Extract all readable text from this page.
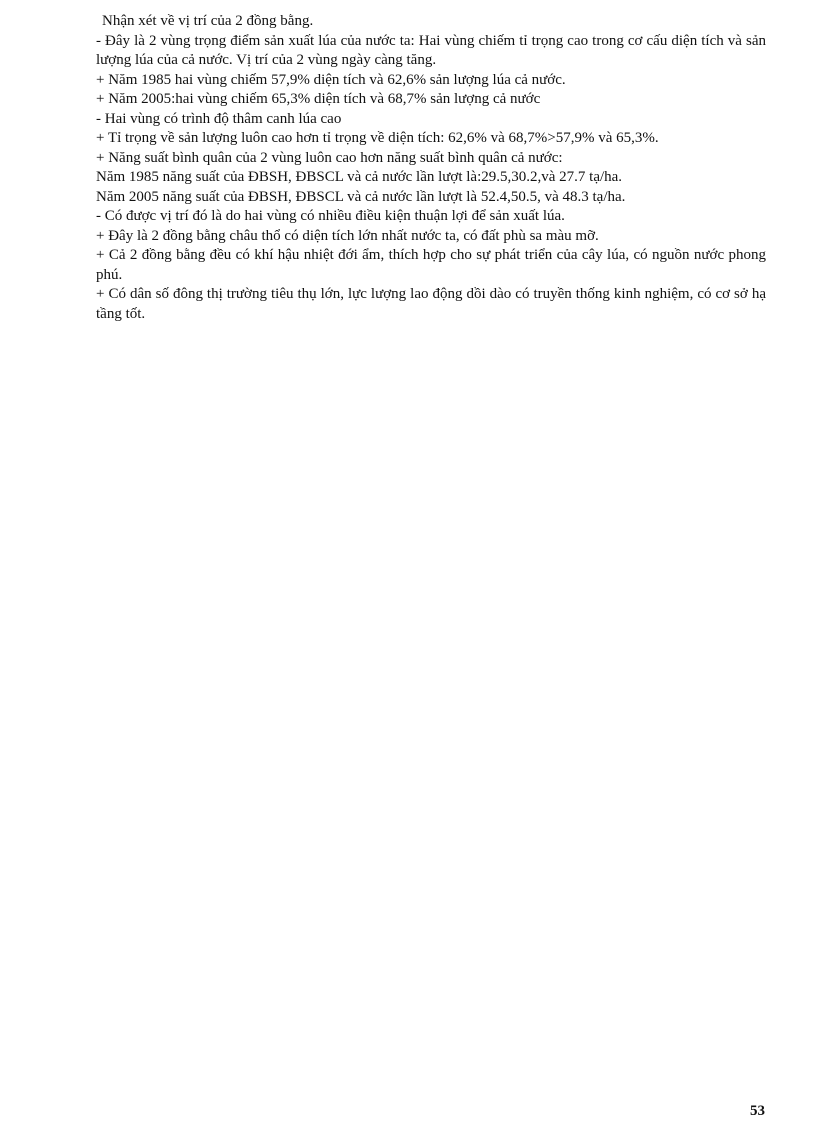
Nhận xét về vị trí của 2 đồng bằng.

- Đây là 2 vùng trọng điểm sản xuất lúa của nước ta: Hai vùng chiếm tỉ trọng cao trong cơ cấu diện tích và sản lượng lúa của cả nước. Vị trí của 2 vùng ngày càng tăng.

+ Năm 1985 hai vùng chiếm 57,9% diện tích và 62,6% sản lượng lúa cả nước.

+ Năm 2005:hai vùng chiếm 65,3% diện tích và 68,7% sản lượng cả nước

- Hai vùng có trình độ thâm canh lúa cao

+ Tỉ trọng về sản lượng luôn cao hơn tỉ trọng về diện tích: 62,6% và 68,7%>57,9% và 65,3%.

+ Năng suất bình quân của 2 vùng luôn cao hơn năng suất bình quân cả nước:

Năm 1985 năng suất của ĐBSH, ĐBSCL và cả nước lần lượt là:29.5,30.2,và 27.7 tạ/ha.

Năm 2005 năng suất của ĐBSH, ĐBSCL và cả nước lần lượt là 52.4,50.5, và 48.3 tạ/ha.

- Có được vị trí đó là do hai vùng có nhiều điều kiện thuận lợi để sản xuất lúa.

+ Đây là 2 đồng bằng châu thổ có diện tích lớn nhất nước ta, có đất phù sa màu mỡ.

+ Cả 2 đồng bằng đều có khí hậu nhiệt đới ẩm, thích hợp cho sự phát triển của cây lúa, có nguồn nước phong phú.

+ Có dân số đông thị trường tiêu thụ lớn, lực lượng lao động dồi dào có truyền thống kinh nghiệm, có cơ sở hạ tầng tốt.

53
